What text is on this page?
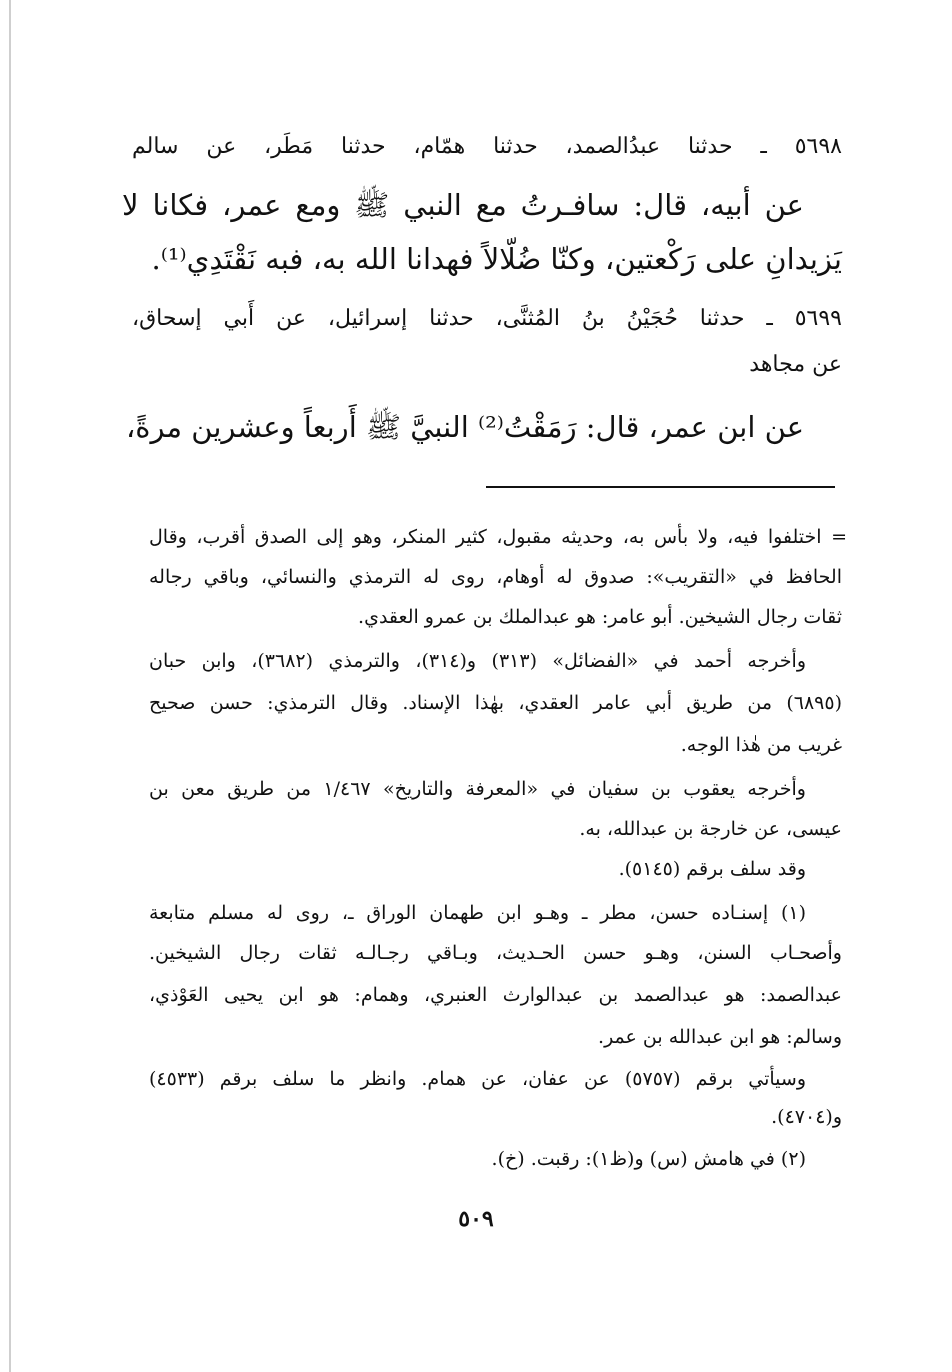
٥٦٩٨ ـ حدثنا عبدُالصمد، حدثنا همّام، حدثنا مَطَر، عن سالم

عن أبيه، قال: سافـرتُ مع النبي ﷺ ومع عمر، فكانا لا

يَزيدانِ على رَكْعتين، وكنّا ضُلّالاً فهدانا الله به، فبه نَقْتَدِي⁽¹⁾.

٥٦٩٩ ـ حدثنا حُجَيْنُ بنُ المُثنَّى، حدثنا إسرائيل، عن أَبي إسحاق،

عن مجاهد

عن ابن عمر، قال: رَمَقْتُ⁽²⁾ النبيَّ ﷺ أَربعاً وعشرين مرةً،

= اختلفوا فيه، ولا بأس به، وحديثه مقبول، كثير المنكر، وهو إلى الصدق أقرب، وقال

الحافظ في «التقريب»: صدوق له أوهام، روى له الترمذي والنسائي، وباقي رجاله

ثقات رجال الشيخين. أبو عامر: هو عبدالملك بن عمرو العقدي.

وأخرجه أحمد في «الفضائل» (٣١٣) و(٣١٤)، والترمذي (٣٦٨٢)، وابن حبان

(٦٨٩٥) من طريق أبي عامر العقدي، بهٰذا الإسناد. وقال الترمذي: حسن صحيح

غريب من هٰذا الوجه.

وأخرجه يعقوب بن سفيان في «المعرفة والتاريخ» ١/٤٦٧ من طريق معن بن

عيسى، عن خارجة بن عبدالله، به.

وقد سلف برقم (٥١٤٥).

(١) إسنـاده حسن، مطر ـ وهـو ابن طهمان الوراق ـ، روى له مسلم متابعة

وأصحـاب السنن، وهـو حسن الحـديث، وبـاقي رجـالـه ثقات رجال الشيخين.

عبدالصمد: هو عبدالصمد بن عبدالوارث العنبري، وهمام: هو ابن يحيى العَوْذي،

وسالم: هو ابن عبدالله بن عمر.

وسيأتي برقم (٥٧٥٧) عن عفان، عن همام. وانظر ما سلف برقم (٤٥٣٣)

و(٤٧٠٤).

(٢) في هامش (س) و(ظ١): رقبت. (خ).

٥٠٩
